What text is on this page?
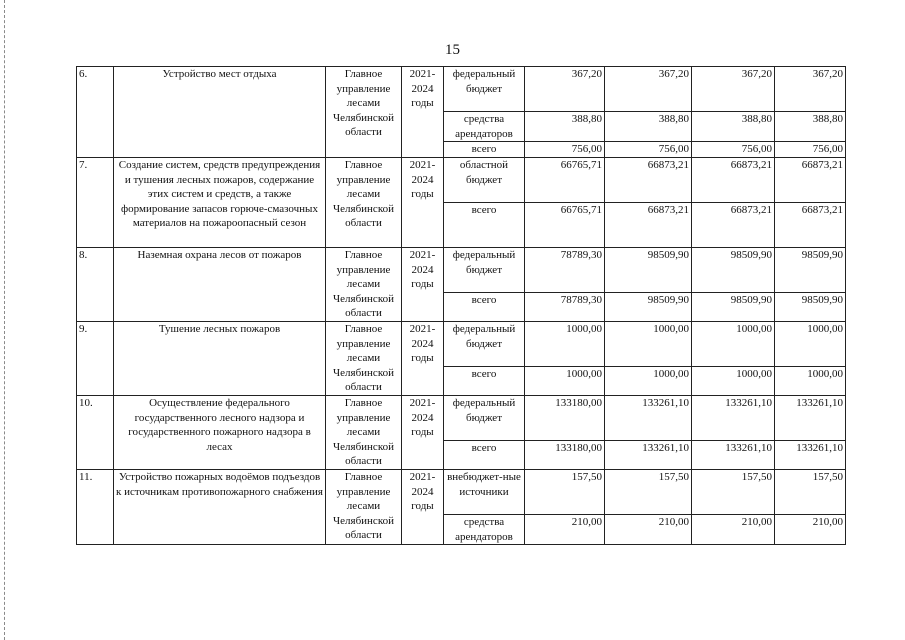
15
6.	Устройство мест отдыха	Главное управление лесами Челябинской области	2021-2024 годы	федеральный бюджет	367,20	367,20	367,20	367,20
				средства арендаторов	388,80	388,80	388,80	388,80
				всего	756,00	756,00	756,00	756,00
7.	Создание систем, средств предупреждения и тушения лесных пожаров, содержание этих систем и средств, а также формирование запасов горюче-смазочных материалов на пожароопасный сезон	Главное управление лесами Челябинской области	2021-2024 годы	областной бюджет	66765,71	66873,21	66873,21	66873,21
				всего	66765,71	66873,21	66873,21	66873,21
8.	Наземная охрана лесов от пожаров	Главное управление лесами Челябинской области	2021-2024 годы	федеральный бюджет	78789,30	98509,90	98509,90	98509,90
				всего	78789,30	98509,90	98509,90	98509,90
9.	Тушение лесных пожаров	Главное управление лесами Челябинской области	2021-2024 годы	федеральный бюджет	1000,00	1000,00	1000,00	1000,00
				всего	1000,00	1000,00	1000,00	1000,00
10.	Осуществление федерального государственного лесного надзора и государственного пожарного надзора в лесах	Главное управление лесами Челябинской области	2021-2024 годы	федеральный бюджет	133180,00	133261,10	133261,10	133261,10
				всего	133180,00	133261,10	133261,10	133261,10
11.	Устройство пожарных водоёмов подъездов к источникам противопожарного снабжения	Главное управление лесами Челябинской области	2021-2024 годы	внебюджет-ные источники	157,50	157,50	157,50	157,50
				средства арендаторов	210,00	210,00	210,00	210,00
